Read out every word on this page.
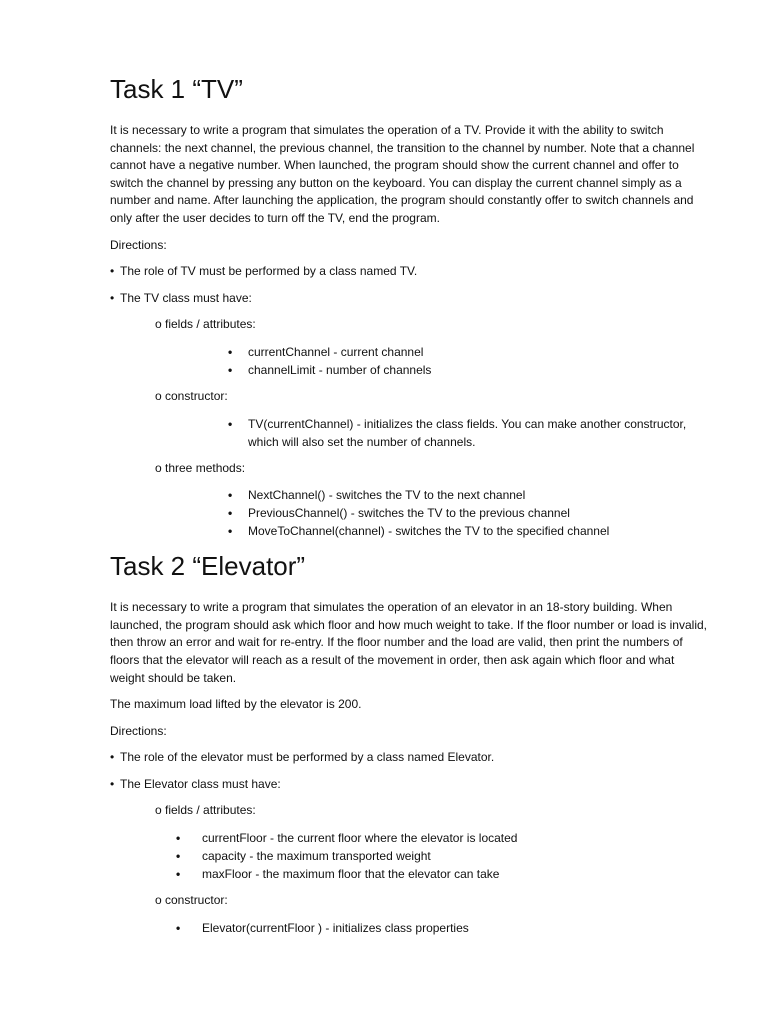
Task 1 “TV”

It is necessary to write a program that simulates the operation of a TV. Provide it with the ability to switch channels: the next channel, the previous channel, the transition to the channel by number. Note that a channel cannot have a negative number. When launched, the program should show the current channel and offer to switch the channel by pressing any button on the keyboard. You can display the current channel simply as a number and name. After launching the application, the program should constantly offer to switch channels and only after the user decides to turn off the TV, end the program.

Directions:

• The role of TV must be performed by a class named TV.

• The TV class must have:

o fields / attributes:

•	currentChannel - current channel
•	channelLimit - number of channels

o constructor:

•	TV(currentChannel) - initializes the class fields. You can make another constructor, which will also set the number of channels.

o three methods:

•	NextChannel() - switches the TV to the next channel
•	PreviousChannel() - switches the TV to the previous channel
•	MoveToChannel(channel) - switches the TV to the specified channel
Task 2 “Elevator”

It is necessary to write a program that simulates the operation of an elevator in an 18-story building. When launched, the program should ask which floor and how much weight to take. If the floor number or load is invalid, then throw an error and wait for re-entry. If the floor number and the load are valid, then print the numbers of floors that the elevator will reach as a result of the movement in order, then ask again which floor and what weight should be taken.

The maximum load lifted by the elevator is 200.

Directions:

• The role of the elevator must be performed by a class named Elevator.

• The Elevator class must have:

o fields / attributes:

•	currentFloor - the current floor where the elevator is located
•	capacity - the maximum transported weight
•	maxFloor - the maximum floor that the elevator can take

o constructor:

•	Elevator(currentFloor ) - initializes class properties
